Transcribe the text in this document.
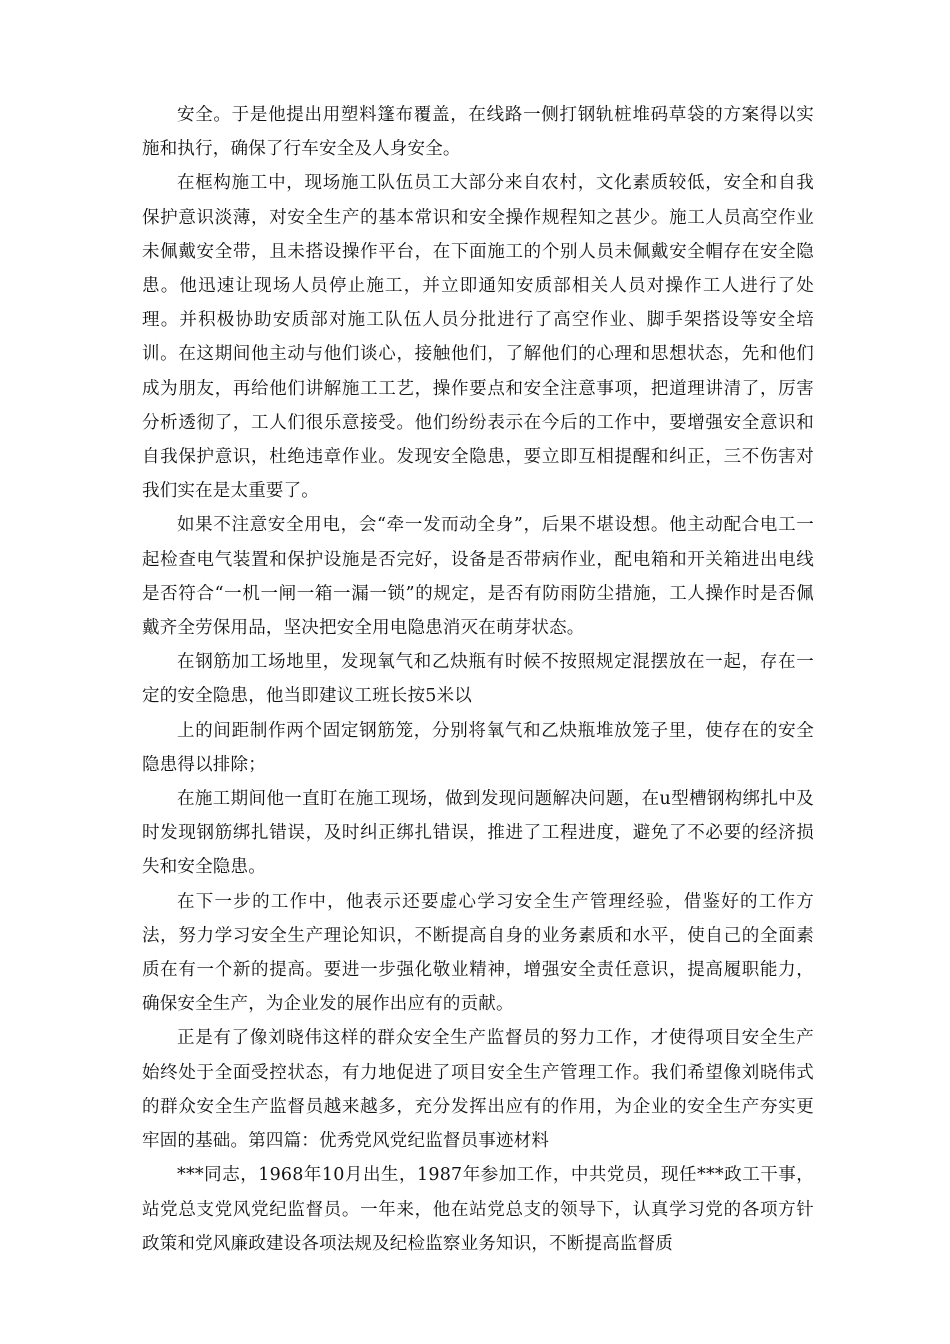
安全。于是他提出用塑料篷布覆盖，在线路一侧打钢轨桩堆码草袋的方案得以实施和执行，确保了行车安全及人身安全。

在框构施工中，现场施工队伍员工大部分来自农村，文化素质较低，安全和自我保护意识淡薄，对安全生产的基本常识和安全操作规程知之甚少。施工人员高空作业未佩戴安全带，且未搭设操作平台，在下面施工的个别人员未佩戴安全帽存在安全隐患。他迅速让现场人员停止施工，并立即通知安质部相关人员对操作工人进行了处理。并积极协助安质部对施工队伍人员分批进行了高空作业、脚手架搭设等安全培训。在这期间他主动与他们谈心，接触他们，了解他们的心理和思想状态，先和他们成为朋友，再给他们讲解施工工艺，操作要点和安全注意事项，把道理讲清了，厉害分析透彻了，工人们很乐意接受。他们纷纷表示在今后的工作中，要增强安全意识和自我保护意识，杜绝违章作业。发现安全隐患，要立即互相提醒和纠正，三不伤害对我们实在是太重要了。

如果不注意安全用电，会“牵一发而动全身”，后果不堪设想。他主动配合电工一起检查电气装置和保护设施是否完好，设备是否带病作业，配电箱和开关箱进出电线是否符合“一机一闸一箱一漏一锁”的规定，是否有防雨防尘措施，工人操作时是否佩戴齐全劳保用品，坚决把安全用电隐患消灭在萌芽状态。

在钢筋加工场地里，发现氧气和乙炔瓶有时候不按照规定混摆放在一起，存在一定的安全隐患，他当即建议工班长按5米以

上的间距制作两个固定钢筋笼，分别将氧气和乙炔瓶堆放笼子里，使存在的安全隐患得以排除；

在施工期间他一直盯在施工现场，做到发现问题解决问题，在u型槽钢构绑扎中及时发现钢筋绑扎错误，及时纠正绑扎错误，推进了工程进度，避免了不必要的经济损失和安全隐患。

在下一步的工作中，他表示还要虚心学习安全生产管理经验，借鉴好的工作方法，努力学习安全生产理论知识，不断提高自身的业务素质和水平，使自己的全面素质在有一个新的提高。要进一步强化敬业精神，增强安全责任意识，提高履职能力，确保安全生产，为企业发的展作出应有的贡献。

正是有了像刘晓伟这样的群众安全生产监督员的努力工作，才使得项目安全生产始终处于全面受控状态，有力地促进了项目安全生产管理工作。我们希望像刘晓伟式的群众安全生产监督员越来越多，充分发挥出应有的作用，为企业的安全生产夯实更牢固的基础。第四篇：优秀党风党纪监督员事迹材料

***同志，1968年10月出生，1987年参加工作，中共党员，现任***政工干事，站党总支党风党纪监督员。一年来，他在站党总支的领导下，认真学习党的各项方针政策和党风廉政建设各项法规及纪检监察业务知识，不断提高监督质
